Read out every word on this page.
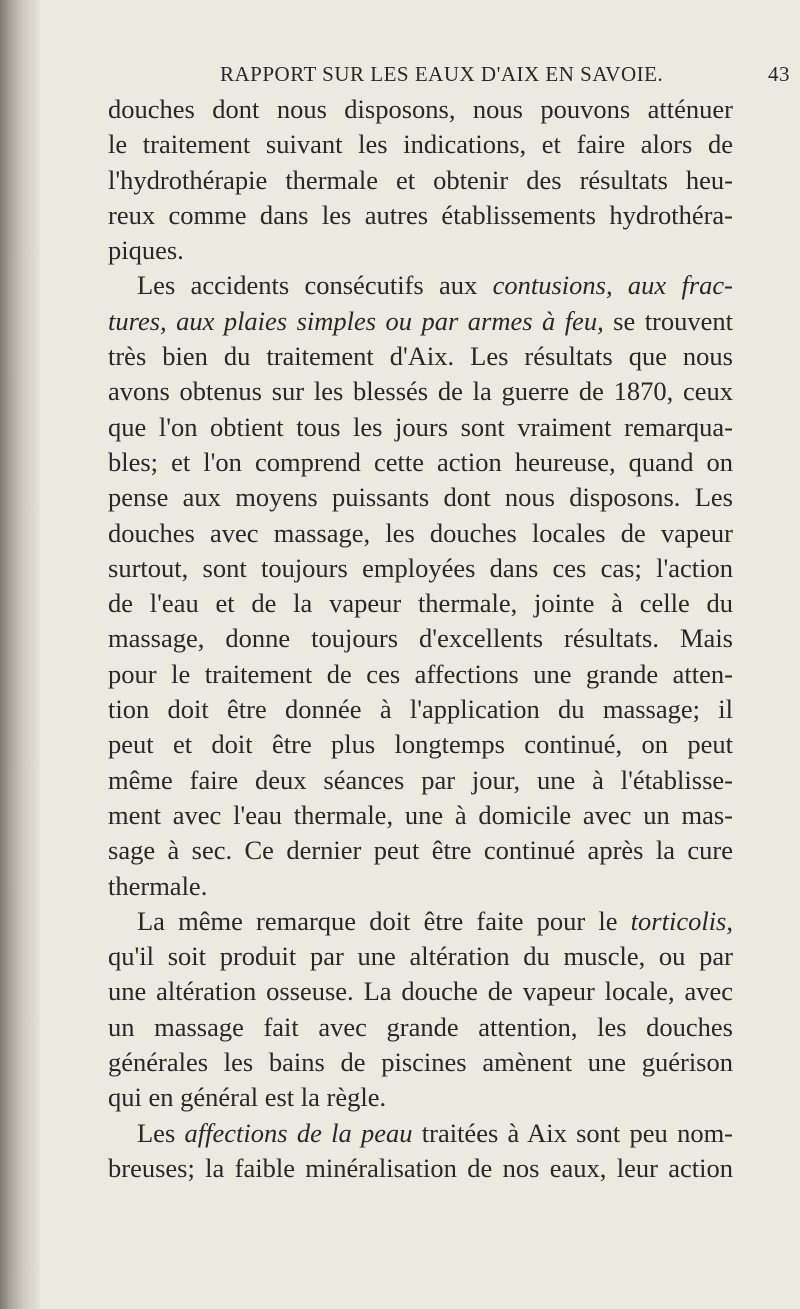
RAPPORT SUR LES EAUX D'AIX EN SAVOIE.	43
douches dont nous disposons, nous pouvons atténuer
le traitement suivant les indications, et faire alors de
l'hydrothérapie thermale et obtenir des résultats heu-
reux comme dans les autres établissements hydrothéra-
piques.
Les accidents consécutifs aux contusions, aux frac-
tures, aux plaies simples ou par armes à feu, se trouvent
très bien du traitement d'Aix. Les résultats que nous
avons obtenus sur les blessés de la guerre de 1870, ceux
que l'on obtient tous les jours sont vraiment remarqua-
bles; et l'on comprend cette action heureuse, quand on
pense aux moyens puissants dont nous disposons. Les
douches avec massage, les douches locales de vapeur
surtout, sont toujours employées dans ces cas; l'action
de l'eau et de la vapeur thermale, jointe à celle du
massage, donne toujours d'excellents résultats. Mais
pour le traitement de ces affections une grande atten-
tion doit être donnée à l'application du massage; il
peut et doit être plus longtemps continué, on peut
même faire deux séances par jour, une à l'établisse-
ment avec l'eau thermale, une à domicile avec un mas-
sage à sec. Ce dernier peut être continué après la cure
thermale.
La même remarque doit être faite pour le torticolis,
qu'il soit produit par une altération du muscle, ou par
une altération osseuse. La douche de vapeur locale, avec
un massage fait avec grande attention, les douches
générales les bains de piscines amènent une guérison
qui en général est la règle.
Les affections de la peau traitées à Aix sont peu nom-
breuses; la faible minéralisation de nos eaux, leur action
